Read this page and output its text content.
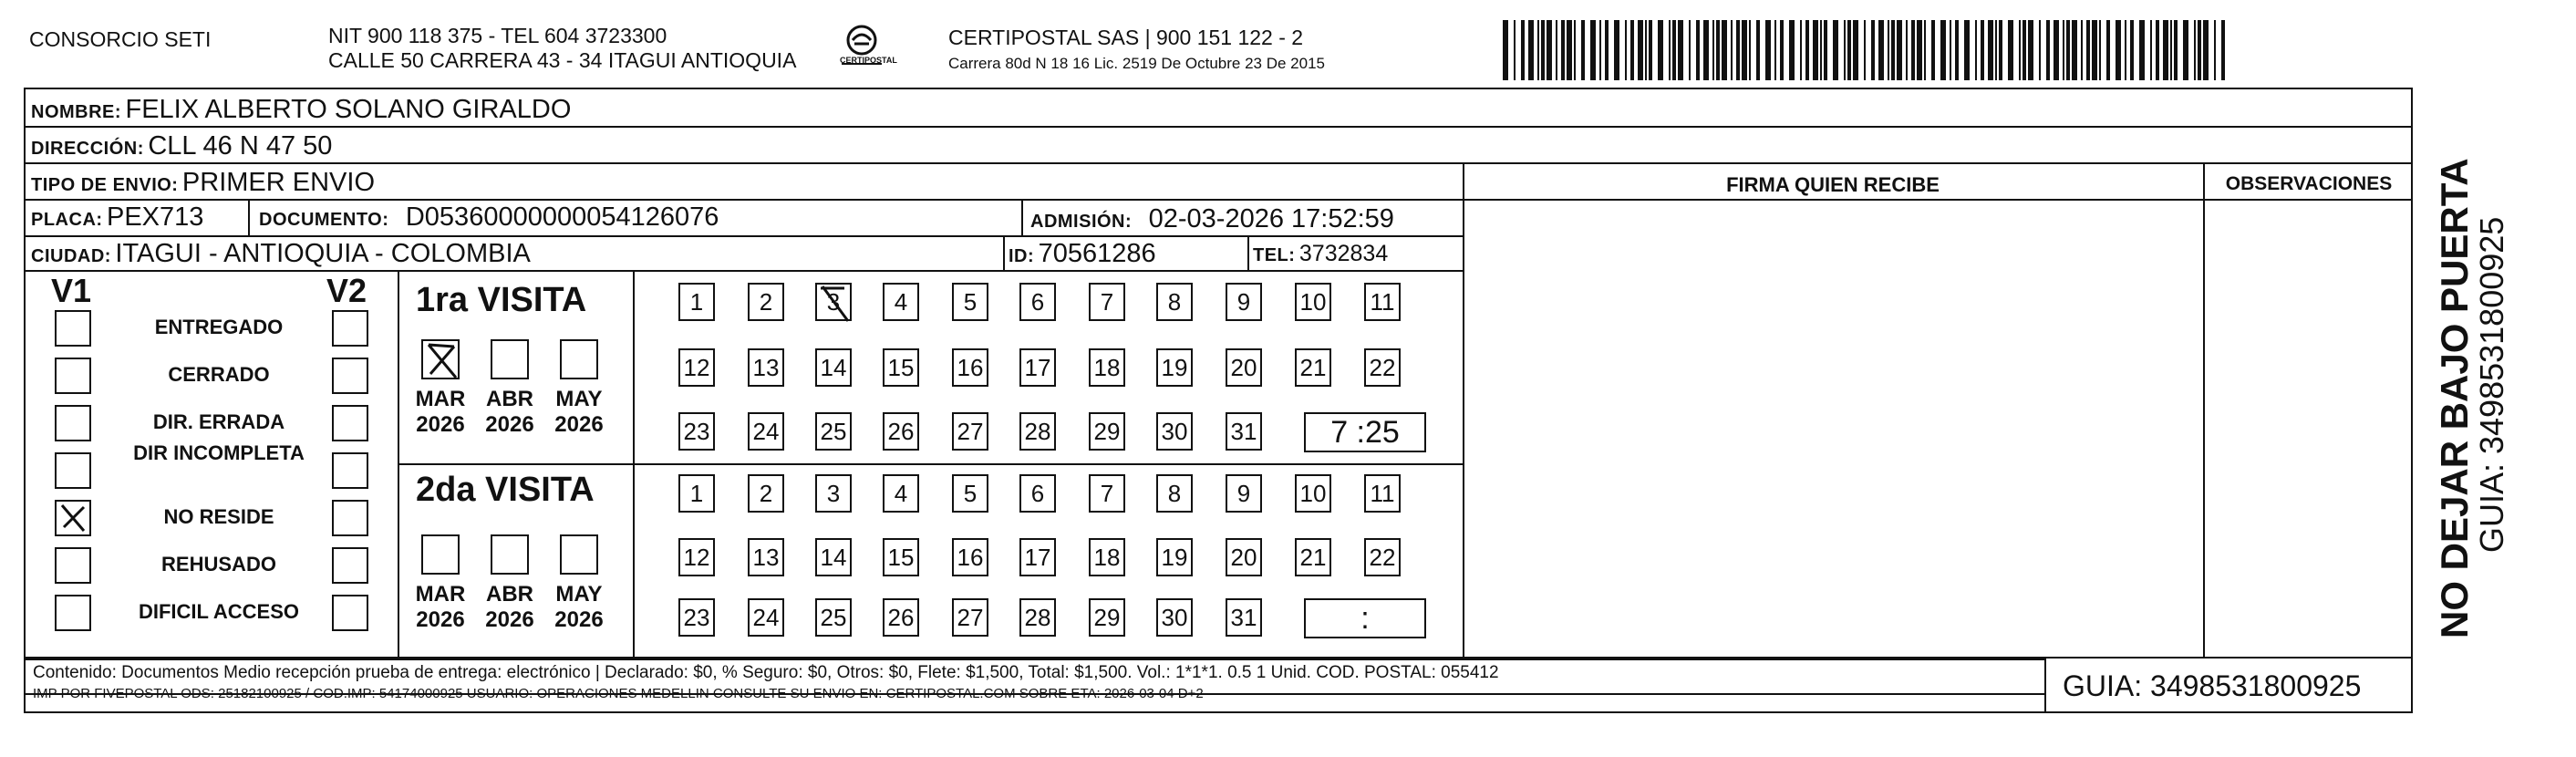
CONSORCIO SETI	NIT 900 118 375 - TEL 604 3723300
CALLE 50 CARRERA 43 - 34 ITAGUI ANTIOQUIA	CERTIPOSTAL
CERTIPOSTAL SAS | 900 151 122 - 2
Carrera 80d N 18 16 Lic. 2519 De Octubre 23 De 2015
FIRMA QUIEN RECIBE	OBSERVACIONES
NOMBRE: FELIX ALBERTO SOLANO GIRALDO
DIRECCIÓN: CLL 46 N 47 50
TIPO DE ENVIO: PRIMER ENVIO
PLACA: PEX713	DOCUMENTO: D05360000000054126076	ADMISIÓN: 02-03-2026 17:52:59
CIUDAD: ITAGUI - ANTIOQUIA - COLOMBIA	ID: 70561286	TEL: 3732834
V1	V2
ENTREGADO
CERRADO
DIR. ERRADA
DIR INCOMPLETA
NO RESIDE
REHUSADO
DIFICIL ACCESO
1ra VISITA
2da VISITA
MAR
2026
ABR
2026
MAY
2026
MAR
2026
ABR
2026
MAY
2026
1	2	3	4	5	6	7	8	9	10 11
12 13 14 15 16 17 18 19 20 21 22
23 24 25 26 27 28 29 30 31	7 :25
1	2	3	4	5	6	7	8	9	10 11
12 13 14 15 16 17 18 19 20 21 22
23 24 25 26 27 28 29 30 31	:	NO DEJAR BAJO PUERTA
GUIA: 3498531800925
Contenido: Documentos Medio recepción prueba de entrega: electrónico | Declarado: $0, % Seguro: $0, Otros: $0, Flete: $1,500, Total: $1,500. Vol.: 1*1*1. 0.5 1 Unid. COD. POSTAL: 055412
IMP POR FIVEPOSTAL ODS: 25182100925 / COD.IMP: 54174000925 USUARIO: OPERACIONES MEDELLIN CONSULTE SU ENVIO EN: CERTIPOSTAL.COM SOBRE ETA: 2026-03-04 D+2	GUIA: 3498531800925
